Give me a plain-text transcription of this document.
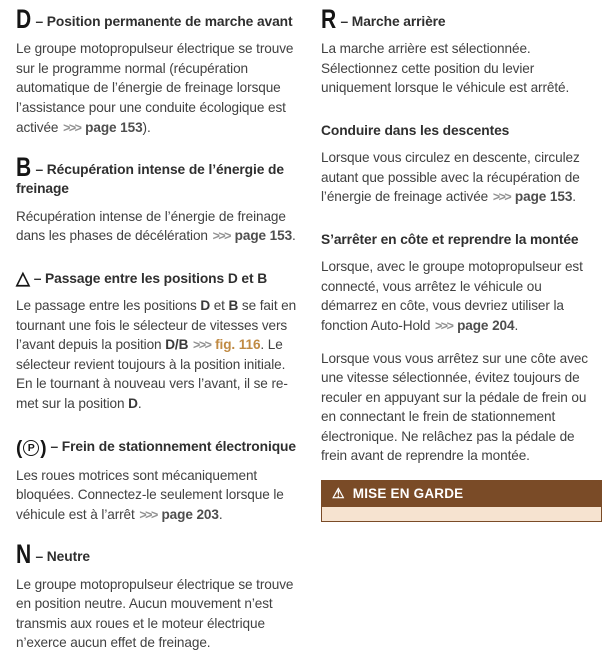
D – Position permanente de marche avant

Le groupe motopropulseur électrique se trouve sur le programme normal (récupération automatique de l’énergie de freinage lorsque l’assistance pour une conduite écologique est activée >>> page 153).

B – Récupération intense de l’énergie de freinage

Récupération intense de l’énergie de freinage dans les phases de décélération >>> page 153.

△ – Passage entre les positions D et B

Le passage entre les positions D et B se fait en tournant une fois le sélecteur de vitesses vers l’avant depuis la position D/B >>> fig. 116. Le sélecteur revient toujours à la position initiale. En le tournant à nouveau vers l’avant, il se re-met sur la position D.

( P ) – Frein de stationnement électronique

Les roues motrices sont mécaniquement bloquées. Connectez-le seulement lorsque le véhicule est à l’arrêt >>> page 203.

N – Neutre

Le groupe motopropulseur électrique se trouve en position neutre. Aucun mouvement n’est transmis aux roues et le moteur électrique n’exerce aucun effet de freinage.

R – Marche arrière

La marche arrière est sélectionnée. Sélectionnez cette position du levier uniquement lorsque le véhicule est arrêté.

Conduire dans les descentes

Lorsque vous circulez en descente, circulez autant que possible avec la récupération de l’énergie de freinage activée >>> page 153.

S’arrêter en côte et reprendre la montée

Lorsque, avec le groupe motopropulseur est connecté, vous arrêtez le véhicule ou démarrez en côte, vous devriez utiliser la fonction Auto-Hold >>> page 204.

Lorsque vous vous arrêtez sur une côte avec une vitesse sélectionnée, évitez toujours de reculer en appuyant sur la pédale de frein ou en connectant le frein de stationnement électronique. Ne relâchez pas la pédale de frein avant de reprendre la montée.

⚠ MISE EN GARDE
